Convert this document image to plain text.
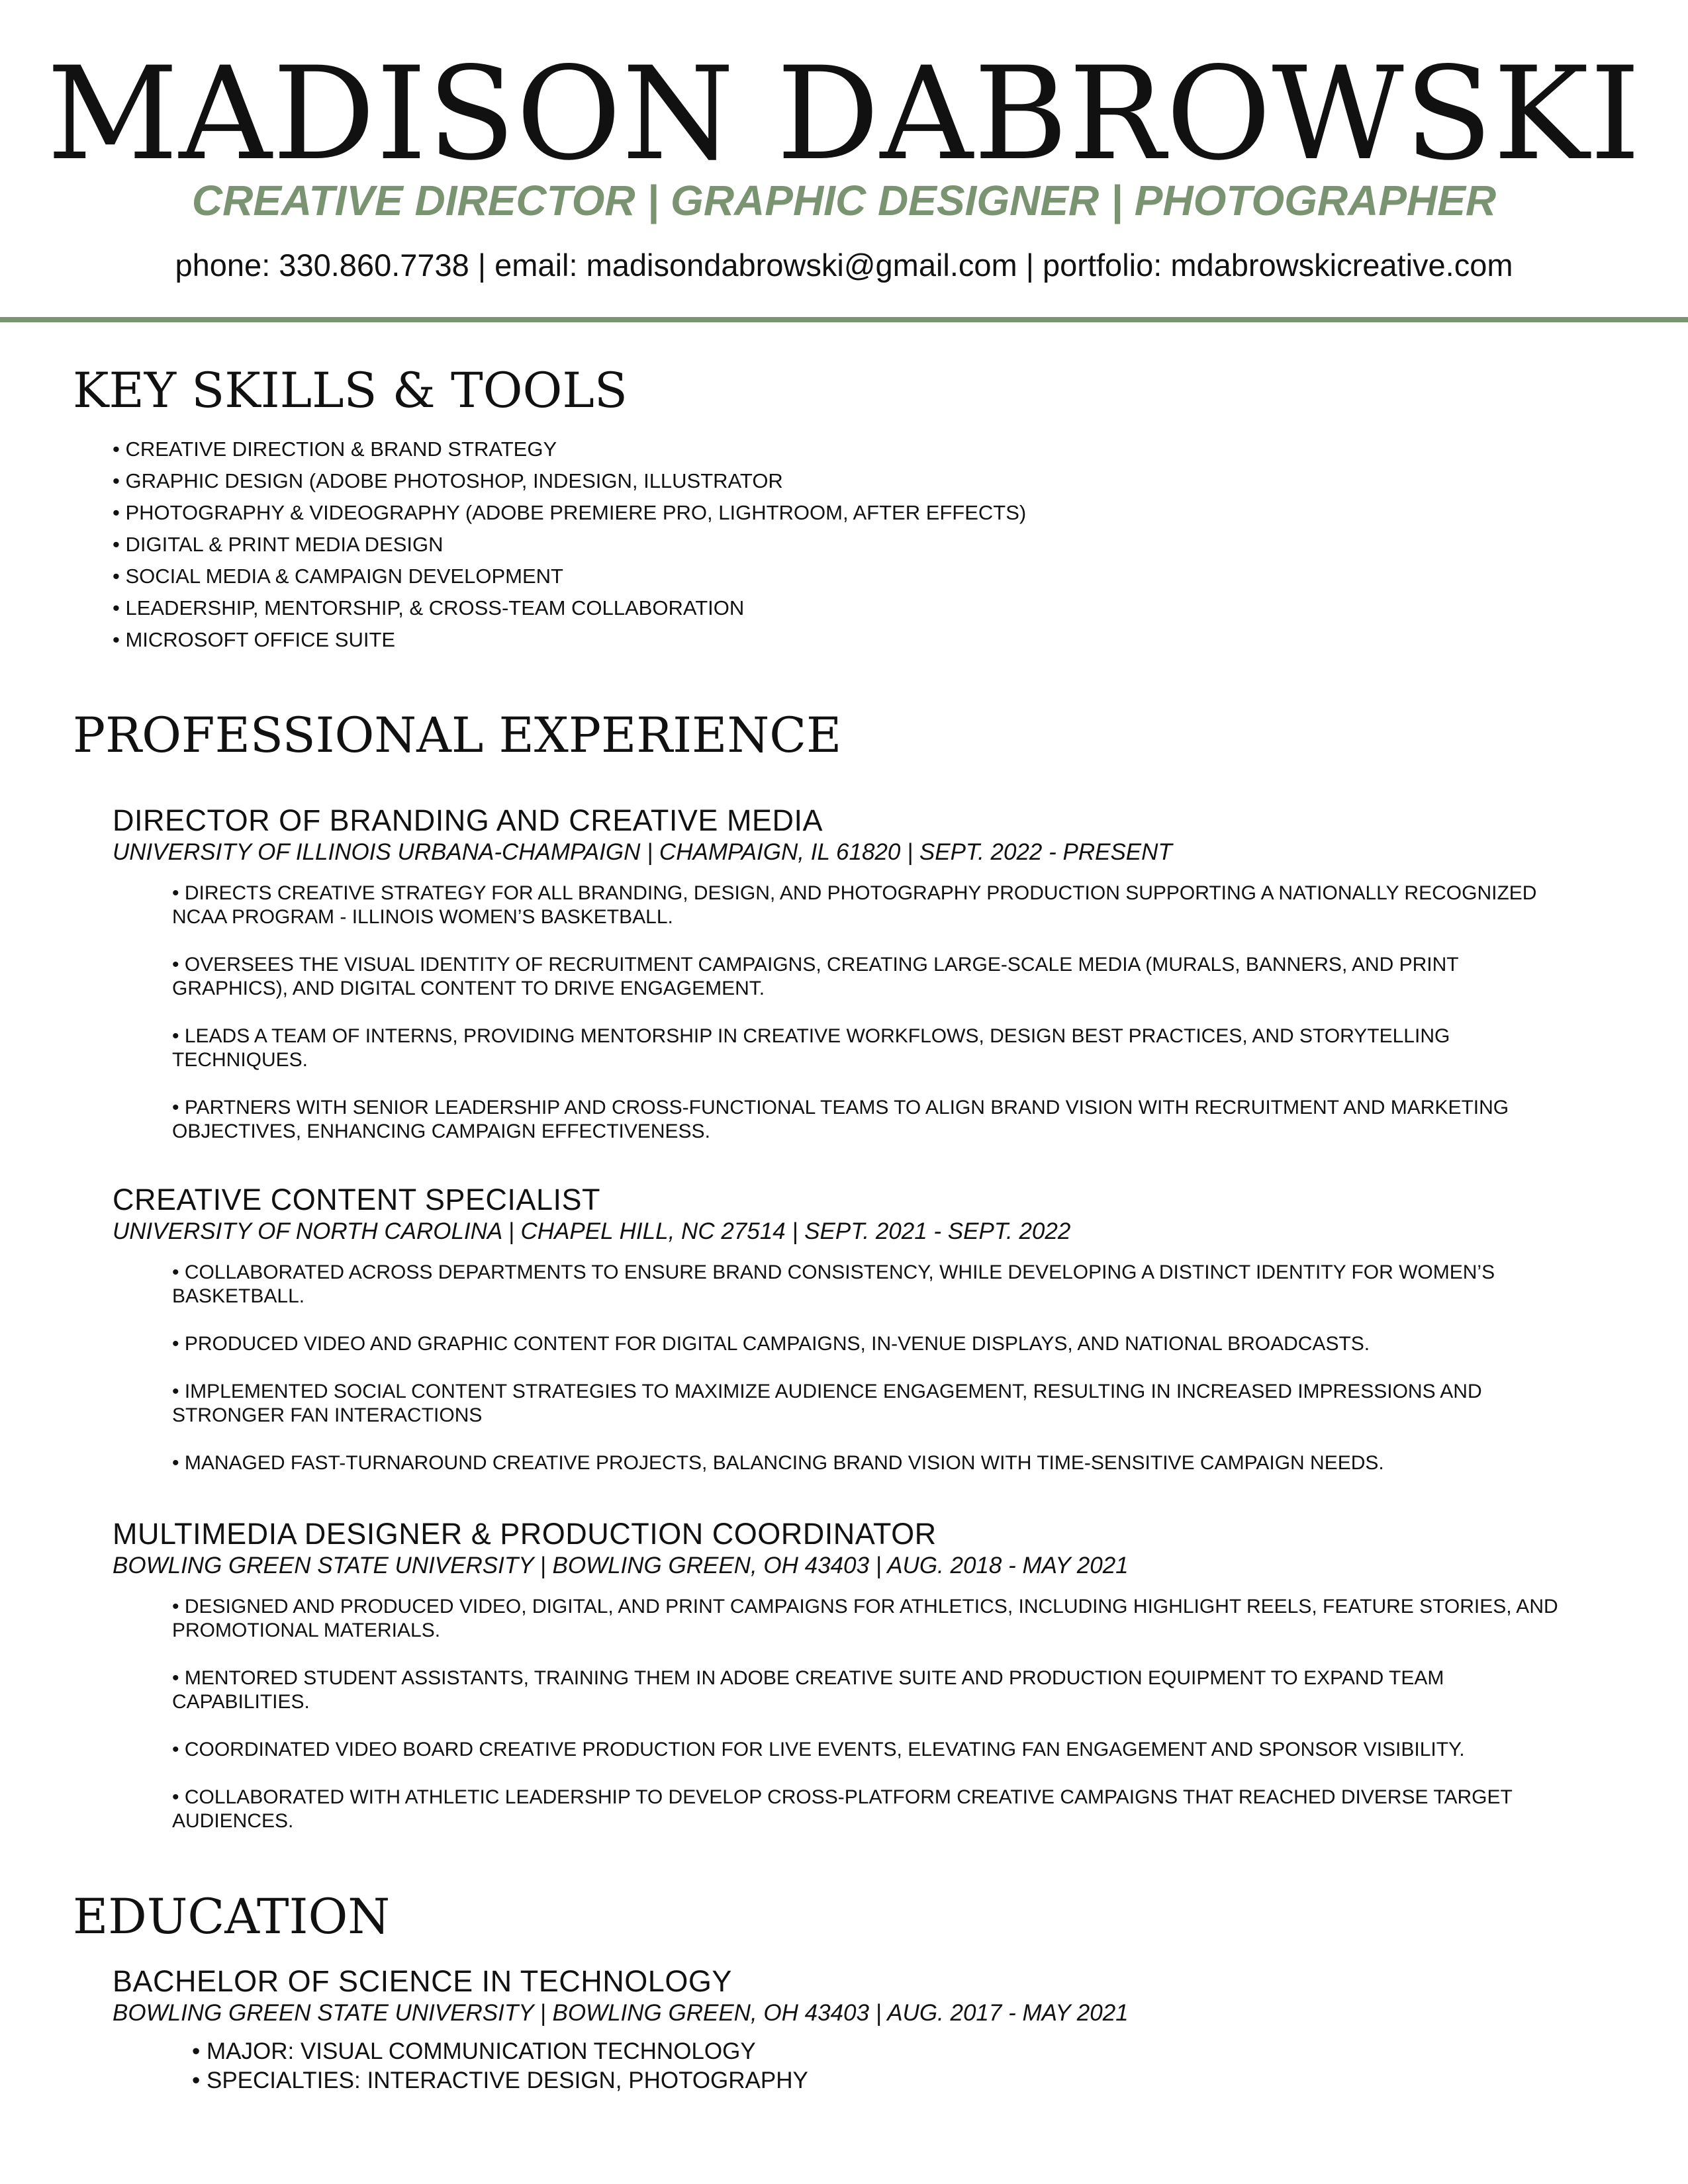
MADISON DABROWSKI

CREATIVE DIRECTOR | GRAPHIC DESIGNER | PHOTOGRAPHER

phone: 330.860.7738 | email: madisondabrowski@gmail.com | portfolio: mdabrowskicreative.com

KEY SKILLS & TOOLS
• CREATIVE DIRECTION & BRAND STRATEGY
• GRAPHIC DESIGN (ADOBE PHOTOSHOP, INDESIGN, ILLUSTRATOR
• PHOTOGRAPHY & VIDEOGRAPHY (ADOBE PREMIERE PRO, LIGHTROOM, AFTER EFFECTS)
• DIGITAL & PRINT MEDIA DESIGN
• SOCIAL MEDIA & CAMPAIGN DEVELOPMENT
• LEADERSHIP, MENTORSHIP, & CROSS-TEAM COLLABORATION
• MICROSOFT OFFICE SUITE
PROFESSIONAL EXPERIENCE
DIRECTOR OF BRANDING AND CREATIVE MEDIA

UNIVERSITY OF ILLINOIS URBANA-CHAMPAIGN | CHAMPAIGN, IL 61820 | SEPT. 2022 - PRESENT

• DIRECTS CREATIVE STRATEGY FOR ALL BRANDING, DESIGN, AND PHOTOGRAPHY PRODUCTION SUPPORTING A NATIONALLY RECOGNIZED NCAA PROGRAM - ILLINOIS WOMEN’S BASKETBALL.
• OVERSEES THE VISUAL IDENTITY OF RECRUITMENT CAMPAIGNS, CREATING LARGE-SCALE MEDIA (MURALS, BANNERS, AND PRINT GRAPHICS), AND DIGITAL CONTENT TO DRIVE ENGAGEMENT.
• LEADS A TEAM OF INTERNS, PROVIDING MENTORSHIP IN CREATIVE WORKFLOWS, DESIGN BEST PRACTICES, AND STORYTELLING TECHNIQUES.
• PARTNERS WITH SENIOR LEADERSHIP AND CROSS-FUNCTIONAL TEAMS TO ALIGN BRAND VISION WITH RECRUITMENT AND MARKETING OBJECTIVES, ENHANCING CAMPAIGN EFFECTIVENESS.
CREATIVE CONTENT SPECIALIST

UNIVERSITY OF NORTH CAROLINA | CHAPEL HILL, NC 27514 | SEPT. 2021 - SEPT. 2022

• COLLABORATED ACROSS DEPARTMENTS TO ENSURE BRAND CONSISTENCY, WHILE DEVELOPING A DISTINCT IDENTITY FOR WOMEN’S BASKETBALL.
• PRODUCED VIDEO AND GRAPHIC CONTENT FOR DIGITAL CAMPAIGNS, IN-VENUE DISPLAYS, AND NATIONAL BROADCASTS.
• IMPLEMENTED SOCIAL CONTENT STRATEGIES TO MAXIMIZE AUDIENCE ENGAGEMENT, RESULTING IN INCREASED IMPRESSIONS AND STRONGER FAN INTERACTIONS
• MANAGED FAST-TURNAROUND CREATIVE PROJECTS, BALANCING BRAND VISION WITH TIME-SENSITIVE CAMPAIGN NEEDS.
MULTIMEDIA DESIGNER & PRODUCTION COORDINATOR

BOWLING GREEN STATE UNIVERSITY | BOWLING GREEN, OH 43403 | AUG. 2018 - MAY 2021

• DESIGNED AND PRODUCED VIDEO, DIGITAL, AND PRINT CAMPAIGNS FOR ATHLETICS, INCLUDING HIGHLIGHT REELS, FEATURE STORIES, AND PROMOTIONAL MATERIALS.
• MENTORED STUDENT ASSISTANTS, TRAINING THEM IN ADOBE CREATIVE SUITE AND PRODUCTION EQUIPMENT TO EXPAND TEAM CAPABILITIES.
• COORDINATED VIDEO BOARD CREATIVE PRODUCTION FOR LIVE EVENTS, ELEVATING FAN ENGAGEMENT AND SPONSOR VISIBILITY.
• COLLABORATED WITH ATHLETIC LEADERSHIP TO DEVELOP CROSS-PLATFORM CREATIVE CAMPAIGNS THAT REACHED DIVERSE TARGET AUDIENCES.
EDUCATION
BACHELOR OF SCIENCE IN TECHNOLOGY

BOWLING GREEN STATE UNIVERSITY | BOWLING GREEN, OH 43403 | AUG. 2017 - MAY 2021

• MAJOR: VISUAL COMMUNICATION TECHNOLOGY
• SPECIALTIES: INTERACTIVE DESIGN, PHOTOGRAPHY
